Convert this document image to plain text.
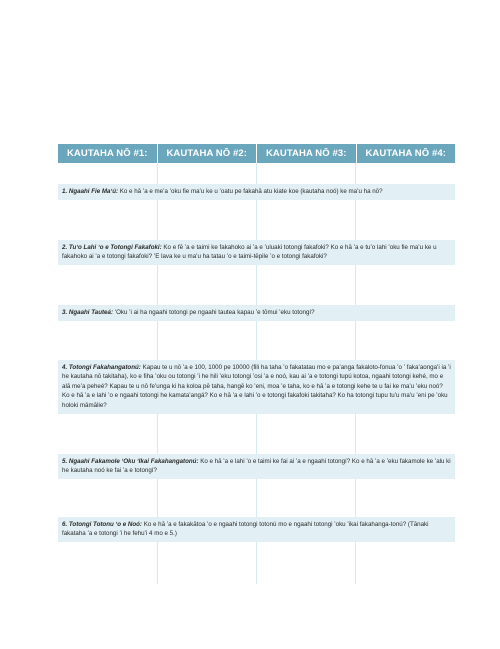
KAUTAHA NŌ #1:	KAUTAHA NŌ #2:	KAUTAHA NŌ #3:	KAUTAHA NŌ #4:
1. Ngaahi Fie Maʻú: Ko e hā ʻa e meʻa ʻoku fie maʻu ke u ʻoatu pe fakahā atu kiate koe (kautaha noó) ke maʻu ha nō?
2. Tuʻo Lahi ʻo e Totongi Fakafoki: Ko e fē ʻa e taimi ke fakahoko ai ʻa e ʻuluaki totongi fakafoki? Ko e hā ʻa e tuʻo lahi ʻoku fie maʻu ke u fakahoko ai ʻa e totongi fakafoki? ʻE lava ke u maʻu ha tatau ʻo e taimi-tēpile ʻo e totongi fakafoki?
3. Ngaahi Tauteá: ʻOku ʻi ai ha ngaahi totongi pe ngaahi tautea kapau ʻe tōmui ʻeku totongí?
4. Totongi Fakahangatonú: Kapau te u nō ʻa e 100, 1000 pe 10000 (fili ha taha ʻo fakatatau mo e paʻanga fakaloto-fonua ʻo ʻ fakaʻaongaʻi ia ʻi he kautaha nō takitaha), ko e fiha ʻoku ou totongi ʻi he hili ʻeku totongi ʻosi ʻa e noó, kau ai ʻa e totongi tupú kotoa, ngaahi totongi kehé, mo e alā meʻa peheé? Kapau te u nō feʻunga ki ha koloa pē taha, hangē ko ʻeni, moa ʻe taha, ko e hā ʻa e totongi kehe te u fai ke maʻu ʻeku noó? Ko e hā ʻa e lahi ʻo e ngaahi totongi he kamataʻangá? Ko e hā ʻa e lahi ʻo e totongi fakafoki takitaha? Ko ha totongi tupu tuʻu maʻu ʻeni pe ʻoku holoki māmālie?
5. Ngaahi Fakamole ʻOku ʻIkai Fakahangatonú: Ko e hā ʻa e lahi ʻo e taimi ke fai ai ʻa e ngaahi totongí? Ko e hā ʻa e ʻeku fakamole ke ʻalu ki he kautaha noó ke fai ʻa e totongí?
6. Totongi Totonu ʻo e Noó: Ko e hā ʻa e fakakātoa ʻo e ngaahi totongi totonú mo e ngaahi totongi ʻoku ʻikai fakahanga-tonú? (Tānaki fakataha ʻa e totongi ʻi he fehuʻi 4 mo e 5.)
